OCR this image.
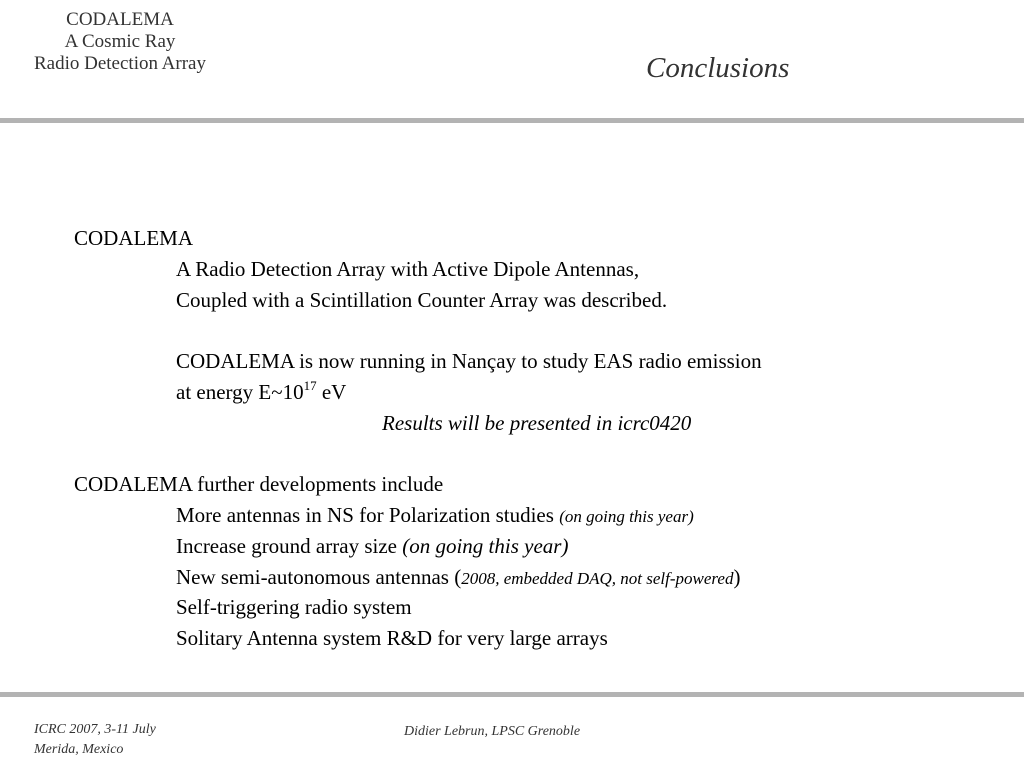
CODALEMA
A Cosmic Ray
Radio Detection Array	Conclusions
CODALEMA
A Radio Detection Array with Active Dipole Antennas,
Coupled with a Scintillation Counter Array was described.
CODALEMA is now running in Nançay to study EAS radio emission
at energy $E\sim 10^{17}$ eV
Results will be presented in icrc0420
CODALEMA further developments include
More antennas in NS for Polarization studies (on going this year)
Increase ground array size (on going this year)
New semi-autonomous antennas (2008, embedded DAQ, not self-powered)
Self-triggering radio system
Solitary Antenna system R&D for very large arrays
ICRC 2007, 3-11 July
Merida, Mexico
Didier Lebrun, LPSC Grenoble
